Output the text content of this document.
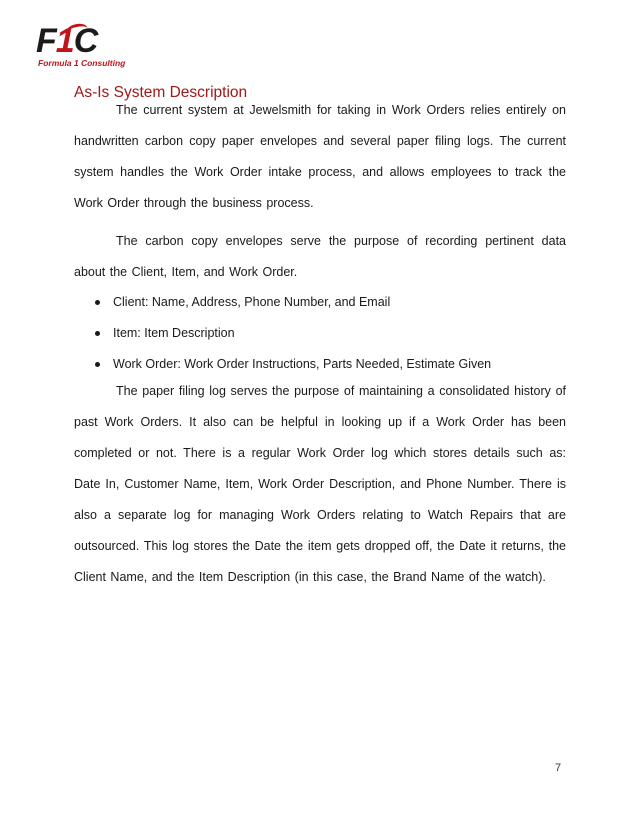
F1C
Formula 1 Consulting
As-Is System Description

The current system at Jewelsmith for taking in Work Orders relies entirely on handwritten carbon copy paper envelopes and several paper filing logs. The current system handles the Work Order intake process, and allows employees to track the Work Order through the business process.

The carbon copy envelopes serve the purpose of recording pertinent data about the Client, Item, and Work Order.

Client: Name, Address, Phone Number, and Email
Item: Item Description
Work Order: Work Order Instructions, Parts Needed, Estimate Given

The paper filing log serves the purpose of maintaining a consolidated history of past Work Orders. It also can be helpful in looking up if a Work Order has been completed or not. There is a regular Work Order log which stores details such as: Date In, Customer Name, Item, Work Order Description, and Phone Number. There is also a separate log for managing Work Orders relating to Watch Repairs that are outsourced. This log stores the Date the item gets dropped off, the Date it returns, the Client Name, and the Item Description (in this case, the Brand Name of the watch).

7
